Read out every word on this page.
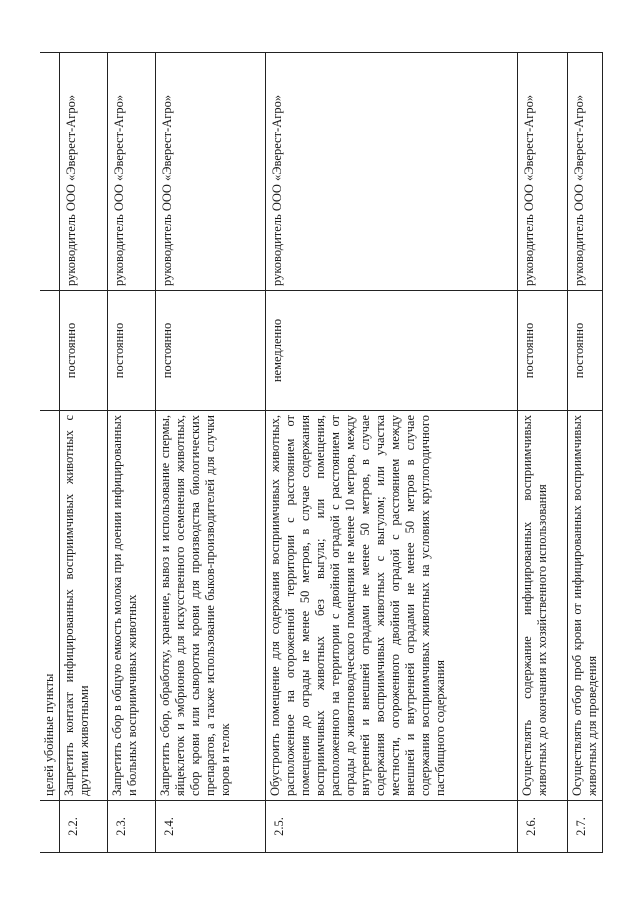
	целей убойные пункты		
2.2.	Запретить контакт инфицированных восприимчивых животных с другими животными	постоянно	руководитель ООО «Эверест-Агро»
2.3.	Запретить сбор в общую емкость молока при доении инфицированных и больных восприимчивых животных	постоянно	руководитель ООО «Эверест-Агро»
2.4.	Запретить сбор, обработку, хранение, вывоз и использование спермы, яйцеклеток и эмбрионов для искусственного осеменения животных, сбор крови или сыворотки крови для производства биологических препаратов, а также использование быков-производителей для случки коров и телок	постоянно	руководитель ООО «Эверест-Агро»
2.5.	Обустроить помещение для содержания восприимчивых животных, расположенное на огороженной территории с расстоянием от помещения до ограды не менее 50 метров, в случае содержания восприимчивых животных без выгула; или помещения, расположенного на территории с двойной оградой с расстоянием от ограды до животноводческого помещения не менее 10 метров, между внутренней и внешней оградами не менее 50 метров, в случае содержания восприимчивых животных с выгулом; или участка местности, огороженного двойной оградой с расстоянием между внешней и внутренней оградами не менее 50 метров в случае содержания восприимчивых животных на условиях круглогодичного пастбищного содержания	немедленно	руководитель ООО «Эверест-Агро»
2.6.	Осуществлять содержание инфицированных восприимчивых животных до окончания их хозяйственного использования	постоянно	руководитель ООО «Эверест-Агро»
2.7.	Осуществлять отбор проб крови от инфицированных восприимчивых животных для проведения	постоянно	руководитель ООО «Эверест-Агро»
